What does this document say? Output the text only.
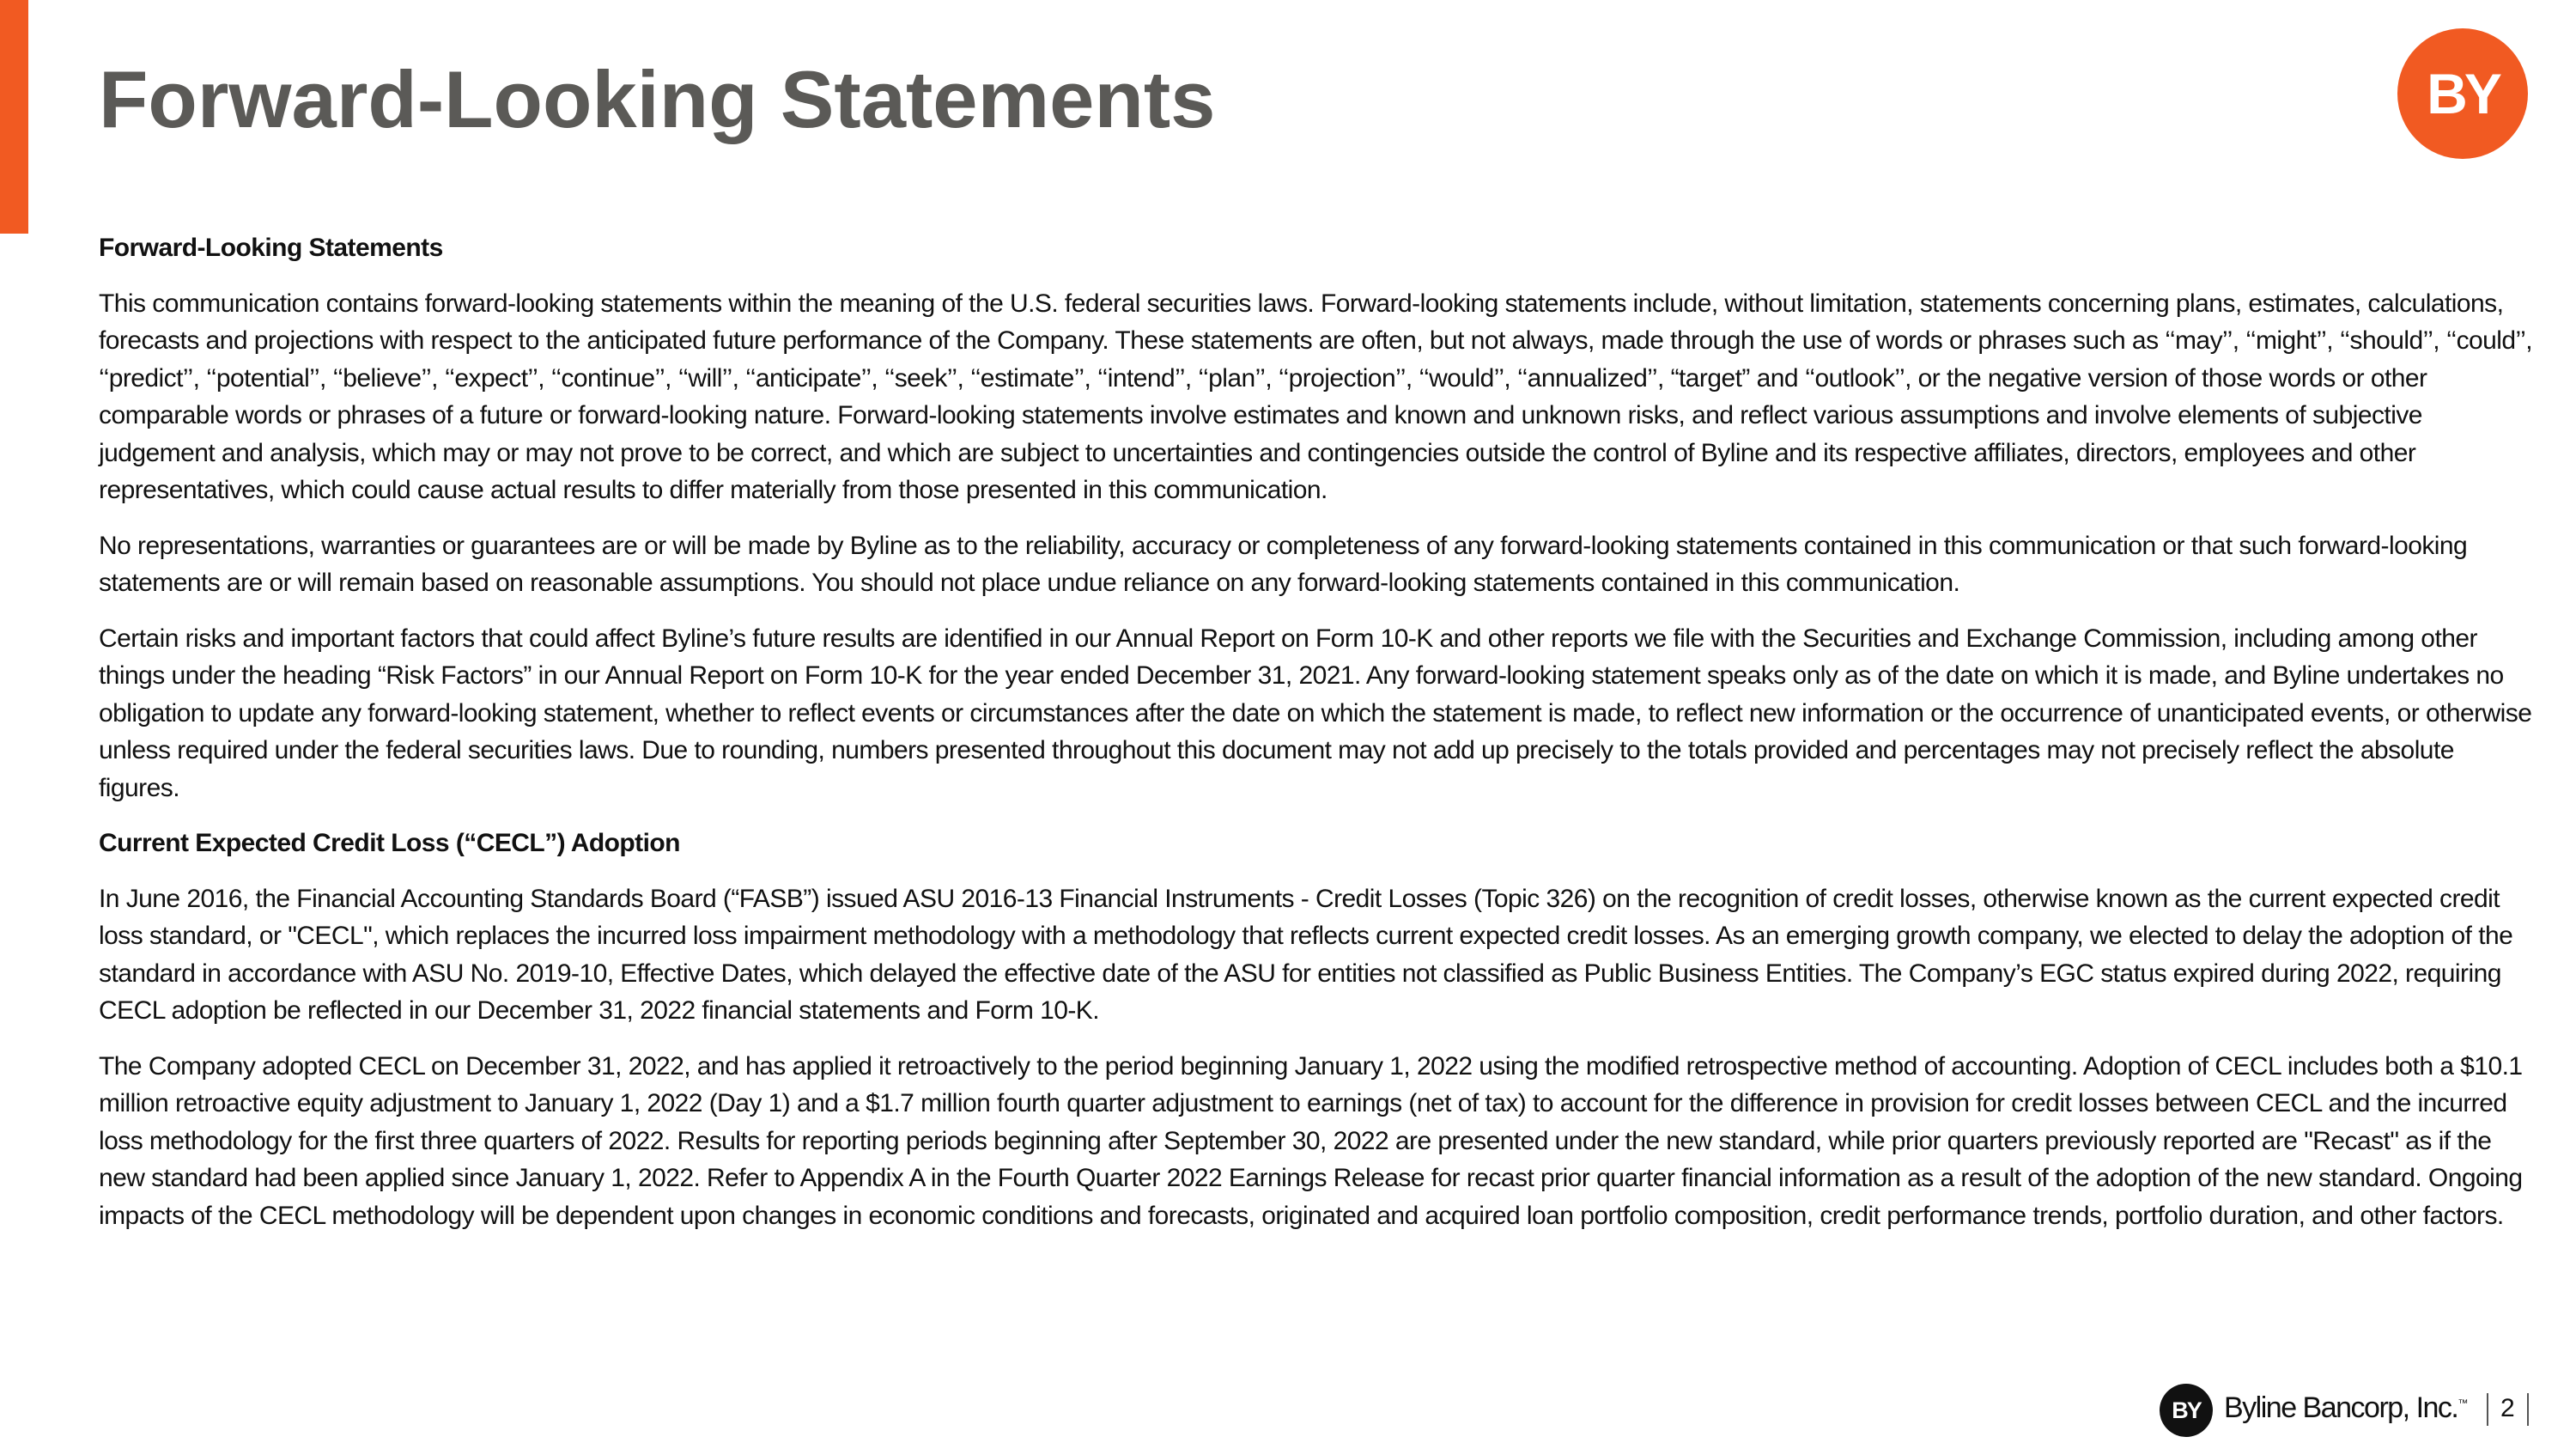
Forward-Looking Statements	BY
Forward-Looking Statements

This communication contains forward-looking statements within the meaning of the U.S. federal securities laws. Forward-looking statements include, without limitation, statements concerning plans, estimates, calculations, forecasts and projections with respect to the anticipated future performance of the Company. These statements are often, but not always, made through the use of words or phrases such as ‘‘may’’, ‘‘might’’, ‘‘should’’, ‘‘could’’, ‘‘predict’’, ‘‘potential’’, ‘‘believe’’, ‘‘expect’’, ‘‘continue’’, ‘‘will’’, ‘‘anticipate’’, ‘‘seek’’, ‘‘estimate’’, ‘‘intend’’, ‘‘plan’’, ‘‘projection’’, ‘‘would’’, ‘‘annualized’’, “target” and ‘‘outlook’’, or the negative version of those words or other comparable words or phrases of a future or forward-looking nature. Forward-looking statements involve estimates and known and unknown risks, and reflect various assumptions and involve elements of subjective judgement and analysis, which may or may not prove to be correct, and which are subject to uncertainties and contingencies outside the control of Byline and its respective affiliates, directors, employees and other representatives, which could cause actual results to differ materially from those presented in this communication.

No representations, warranties or guarantees are or will be made by Byline as to the reliability, accuracy or completeness of any forward-looking statements contained in this communication or that such forward-looking statements are or will remain based on reasonable assumptions. You should not place undue reliance on any forward-looking statements contained in this communication.

Certain risks and important factors that could affect Byline’s future results are identified in our Annual Report on Form 10-K and other reports we file with the Securities and Exchange Commission, including among other things under the heading “Risk Factors” in our Annual Report on Form 10-K for the year ended December 31, 2021. Any forward-looking statement speaks only as of the date on which it is made, and Byline undertakes no obligation to update any forward-looking statement, whether to reflect events or circumstances after the date on which the statement is made, to reflect new information or the occurrence of unanticipated events, or otherwise unless required under the federal securities laws. Due to rounding, numbers presented throughout this document may not add up precisely to the totals provided and percentages may not precisely reflect the absolute figures.

Current Expected Credit Loss (“CECL”) Adoption

In June 2016, the Financial Accounting Standards Board (“FASB”) issued ASU 2016-13 Financial Instruments - Credit Losses (Topic 326) on the recognition of credit losses, otherwise known as the current expected credit loss standard, or "CECL", which replaces the incurred loss impairment methodology with a methodology that reflects current expected credit losses. As an emerging growth company, we elected to delay the adoption of the standard in accordance with ASU No. 2019-10, Effective Dates, which delayed the effective date of the ASU for entities not classified as Public Business Entities. The Company’s EGC status expired during 2022, requiring CECL adoption be reflected in our December 31, 2022 financial statements and Form 10-K.

The Company adopted CECL on December 31, 2022, and has applied it retroactively to the period beginning January 1, 2022 using the modified retrospective method of accounting. Adoption of CECL includes both a $10.1 million retroactive equity adjustment to January 1, 2022 (Day 1) and a $1.7 million fourth quarter adjustment to earnings (net of tax) to account for the difference in provision for credit losses between CECL and the incurred loss methodology for the first three quarters of 2022. Results for reporting periods beginning after September 30, 2022 are presented under the new standard, while prior quarters previously reported are "Recast" as if the new standard had been applied since January 1, 2022. Refer to Appendix A in the Fourth Quarter 2022 Earnings Release for recast prior quarter financial information as a result of the adoption of the new standard. Ongoing impacts of the CECL methodology will be dependent upon changes in economic conditions and forecasts, originated and acquired loan portfolio composition, credit performance trends, portfolio duration, and other factors.

BY Byline Bancorp, Inc.™ 2
